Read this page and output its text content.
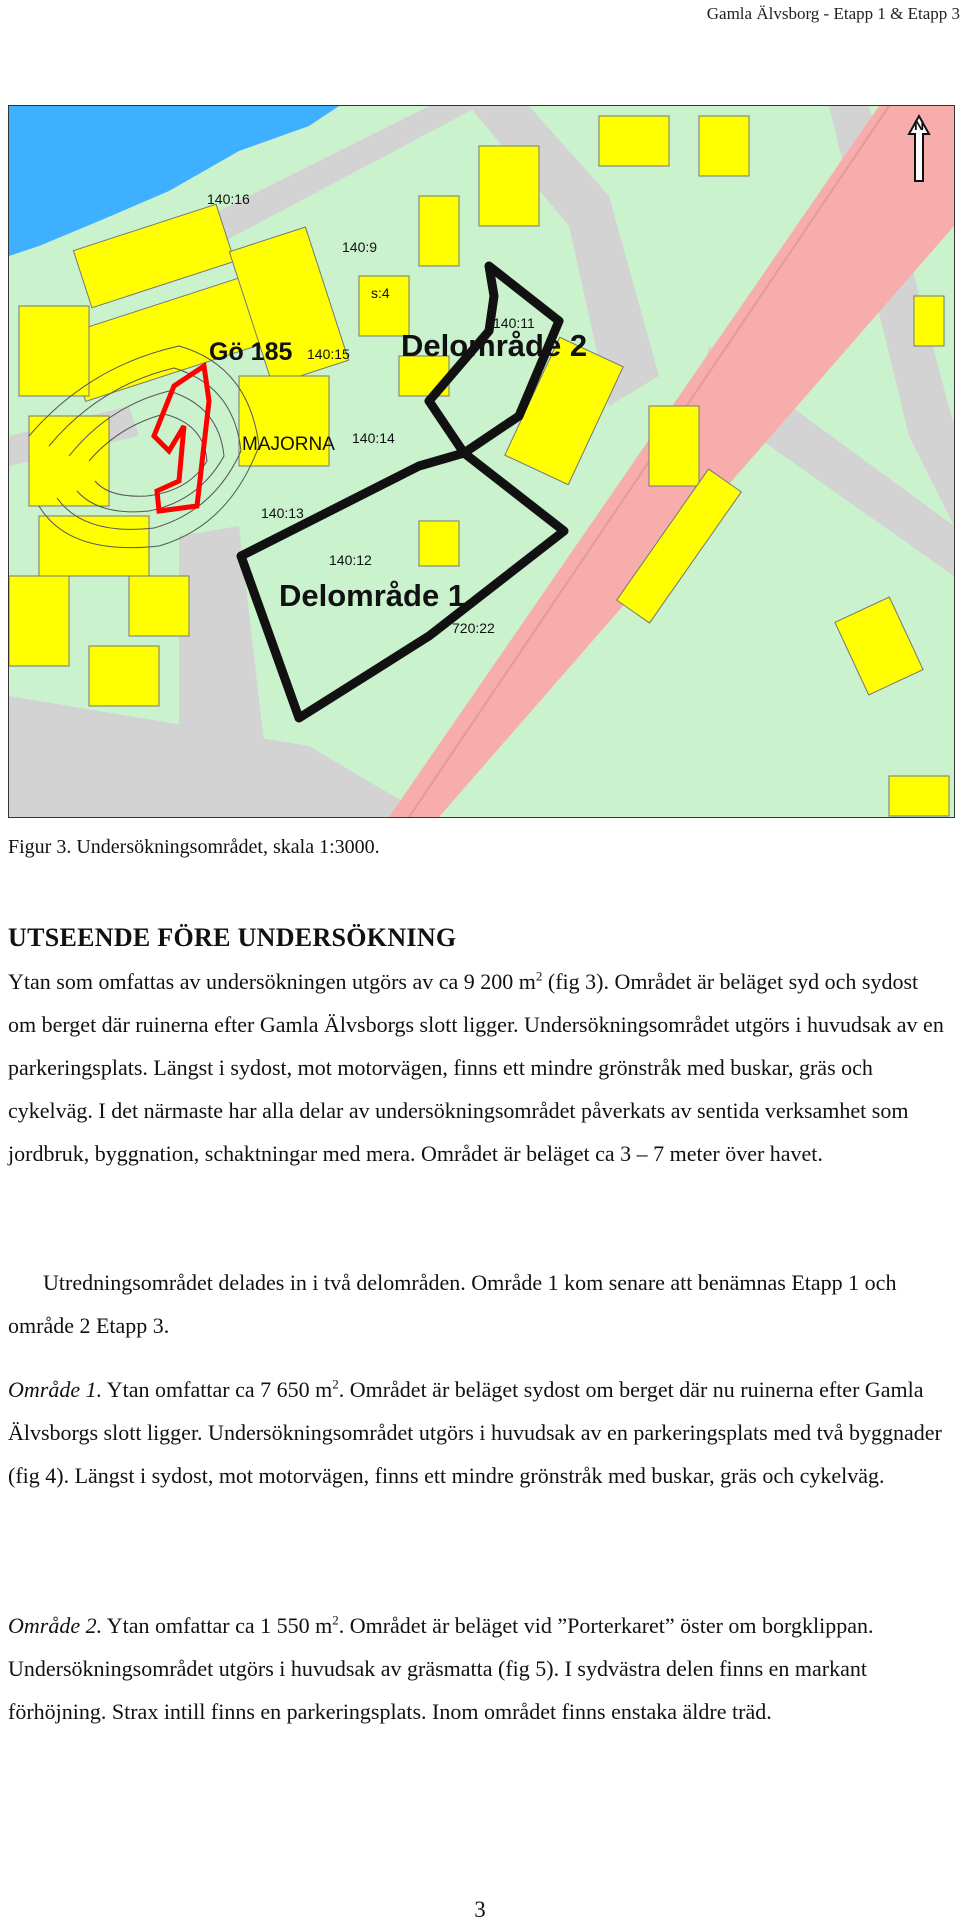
Gamla Älvsborg - Etapp 1 & Etapp 3
N
140:16
140:9
s:4
140:11
Gö 185 140:15 Delområde 2
MAJORNA 140:14
140:13
140:12
Delområde 1
720:22
Figur 3. Undersökningsområdet, skala 1:3000.
UTSEENDE FÖRE UNDERSÖKNING

Ytan som omfattas av undersökningen utgörs av ca 9 200 $m^2$ (fig 3). Området är beläget syd och sydost om berget där ruinerna efter Gamla Älvsborgs slott ligger. Undersökningsområdet utgörs i huvudsak av en parkeringsplats. Längst i sydost, mot motorvägen, finns ett mindre grönstråk med buskar, gräs och cykelväg. I det närmaste har alla delar av undersökningsområdet påverkats av sentida verksamhet som jordbruk, byggnation, schaktningar med mera. Området är beläget ca 3 – 7 meter över havet.

Utredningsområdet delades in i två delområden. Område 1 kom senare att benämnas Etapp 1 och område 2 Etapp 3.

Område 1. Ytan omfattar ca 7 650 $m^2$. Området är beläget sydost om berget där nu ruinerna efter Gamla Älvsborgs slott ligger. Undersökningsområdet utgörs i huvudsak av en parkeringsplats med två byggnader (fig 4). Längst i sydost, mot motorvägen, finns ett mindre grönstråk med buskar, gräs och cykelväg.

Område 2. Ytan omfattar ca 1 550 $m^2$. Området är beläget vid ”Porterkaret” öster om borgklippan. Undersökningsområdet utgörs i huvudsak av gräsmatta (fig 5). I sydvästra delen finns en markant förhöjning. Strax intill finns en parkeringsplats. Inom området finns enstaka äldre träd.

3
